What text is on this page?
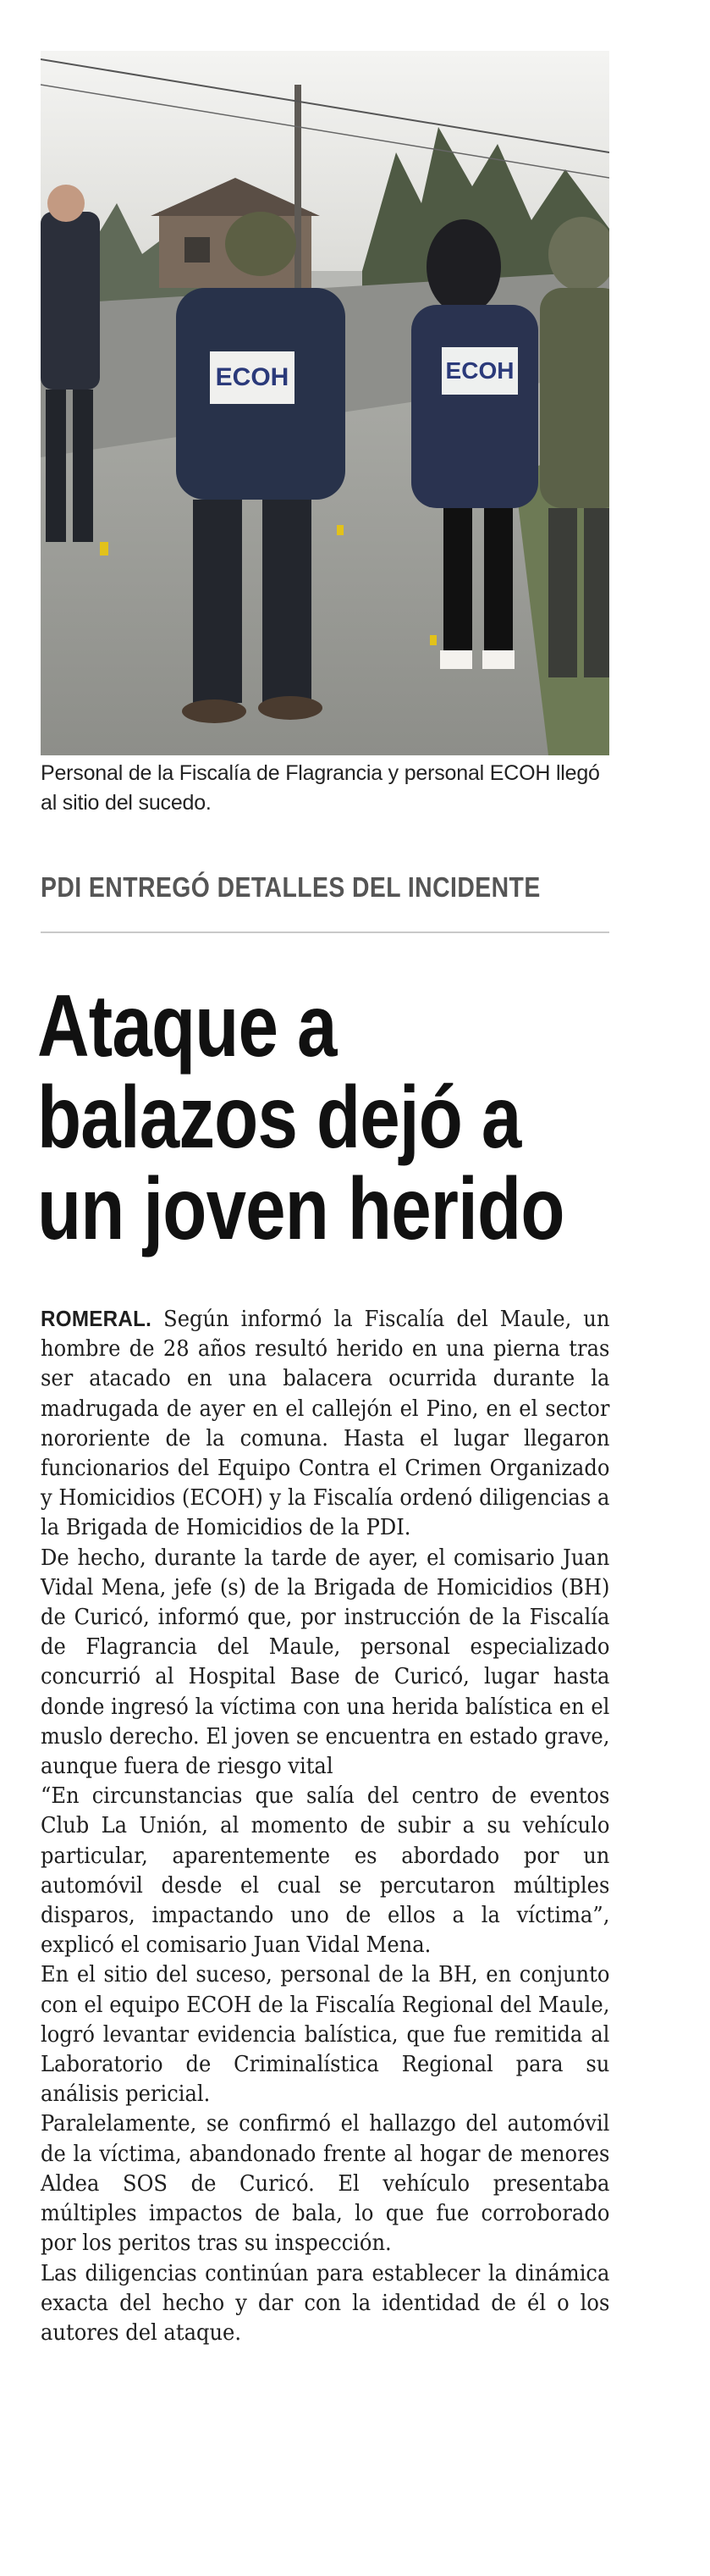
ECOH	ECOH
Personal de la Fiscalía de Flagrancia y personal ECOH llegó al sitio del sucedo.
PDI ENTREGÓ DETALLES DEL INCIDENTE
Ataque a
balazos dejó a
un joven herido

ROMERAL. Según informó la Fiscalía del Maule, un hombre de 28 años resultó herido en una pierna tras ser atacado en una balacera ocurrida durante la madrugada de ayer en el callejón el Pino, en el sector nororiente de la comuna. Hasta el lugar llegaron funcionarios del Equipo Contra el Crimen Organizado y Homicidios (ECOH) y la Fiscalía ordenó diligencias a la Brigada de Homicidios de la PDI.

De hecho, durante la tarde de ayer, el comisario Juan Vidal Mena, jefe (s) de la Brigada de Homicidios (BH) de Curicó, informó que, por instrucción de la Fiscalía de Flagrancia del Maule, personal especializado concurrió al Hospital Base de Curicó, lugar hasta donde ingresó la víctima con una herida balística en el muslo derecho. El joven se encuentra en estado grave, aunque fuera de riesgo vital

“En circunstancias que salía del centro de eventos Club La Unión, al momento de subir a su vehículo particular, aparentemente es abordado por un automóvil desde el cual se percutaron múltiples disparos, impactando uno de ellos a la víctima”, explicó el comisario Juan Vidal Mena.

En el sitio del suceso, personal de la BH, en conjunto con el equipo ECOH de la Fiscalía Regional del Maule, logró levantar evidencia balística, que fue remitida al Laboratorio de Criminalística Regional para su análisis pericial.

Paralelamente, se confirmó el hallazgo del automóvil de la víctima, abandonado frente al hogar de menores Aldea SOS de Curicó. El vehículo presentaba múltiples impactos de bala, lo que fue corroborado por los peritos tras su inspección.

Las diligencias continúan para establecer la dinámica exacta del hecho y dar con la identidad de él o los autores del ataque.
